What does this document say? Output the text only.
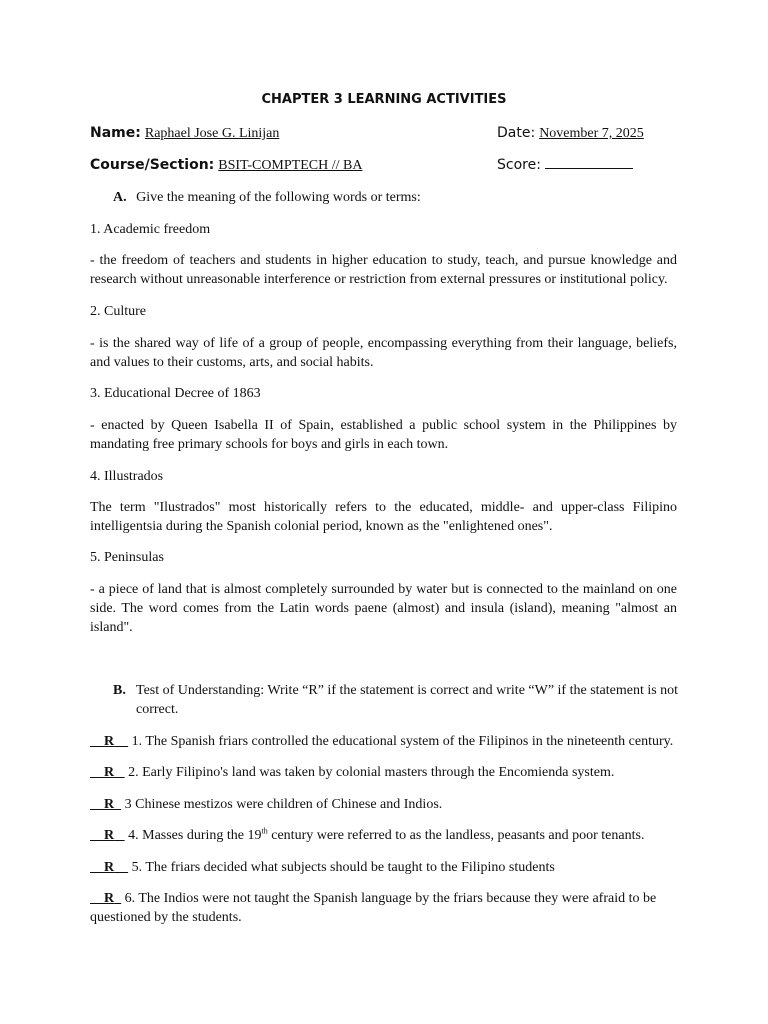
CHAPTER 3 LEARNING ACTIVITIES
Name: Raphael Jose G. Linijan	Date: November 7, 2025
Course/Section: BSIT-COMPTECH // BA	Score:
A. Give the meaning of the following words or terms:
1. Academic freedom
- the freedom of teachers and students in higher education to study, teach, and pursue knowledge and research without unreasonable interference or restriction from external pressures or institutional policy.
2. Culture
- is the shared way of life of a group of people, encompassing everything from their language, beliefs, and values to their customs, arts, and social habits.
3. Educational Decree of 1863
- enacted by Queen Isabella II of Spain, established a public school system in the Philippines by mandating free primary schools for boys and girls in each town.
4. Illustrados
The term "Ilustrados" most historically refers to the educated, middle- and upper-class Filipino intelligentsia during the Spanish colonial period, known as the "enlightened ones".
5. Peninsulas
- a piece of land that is almost completely surrounded by water but is connected to the mainland on one side. The word comes from the Latin words paene (almost) and insula (island), meaning "almost an island".
B. Test of Understanding: Write “R” if the statement is correct and write “W” if the statement is not correct.
R 1. The Spanish friars controlled the educational system of the Filipinos in the nineteenth century.
R 2. Early Filipino's land was taken by colonial masters through the Encomienda system.
R 3 Chinese mestizos were children of Chinese and Indios.
R 4. Masses during the 19th century were referred to as the landless, peasants and poor tenants.
R 5. The friars decided what subjects should be taught to the Filipino students
R 6. The Indios were not taught the Spanish language by the friars because they were afraid to be questioned by the students.
